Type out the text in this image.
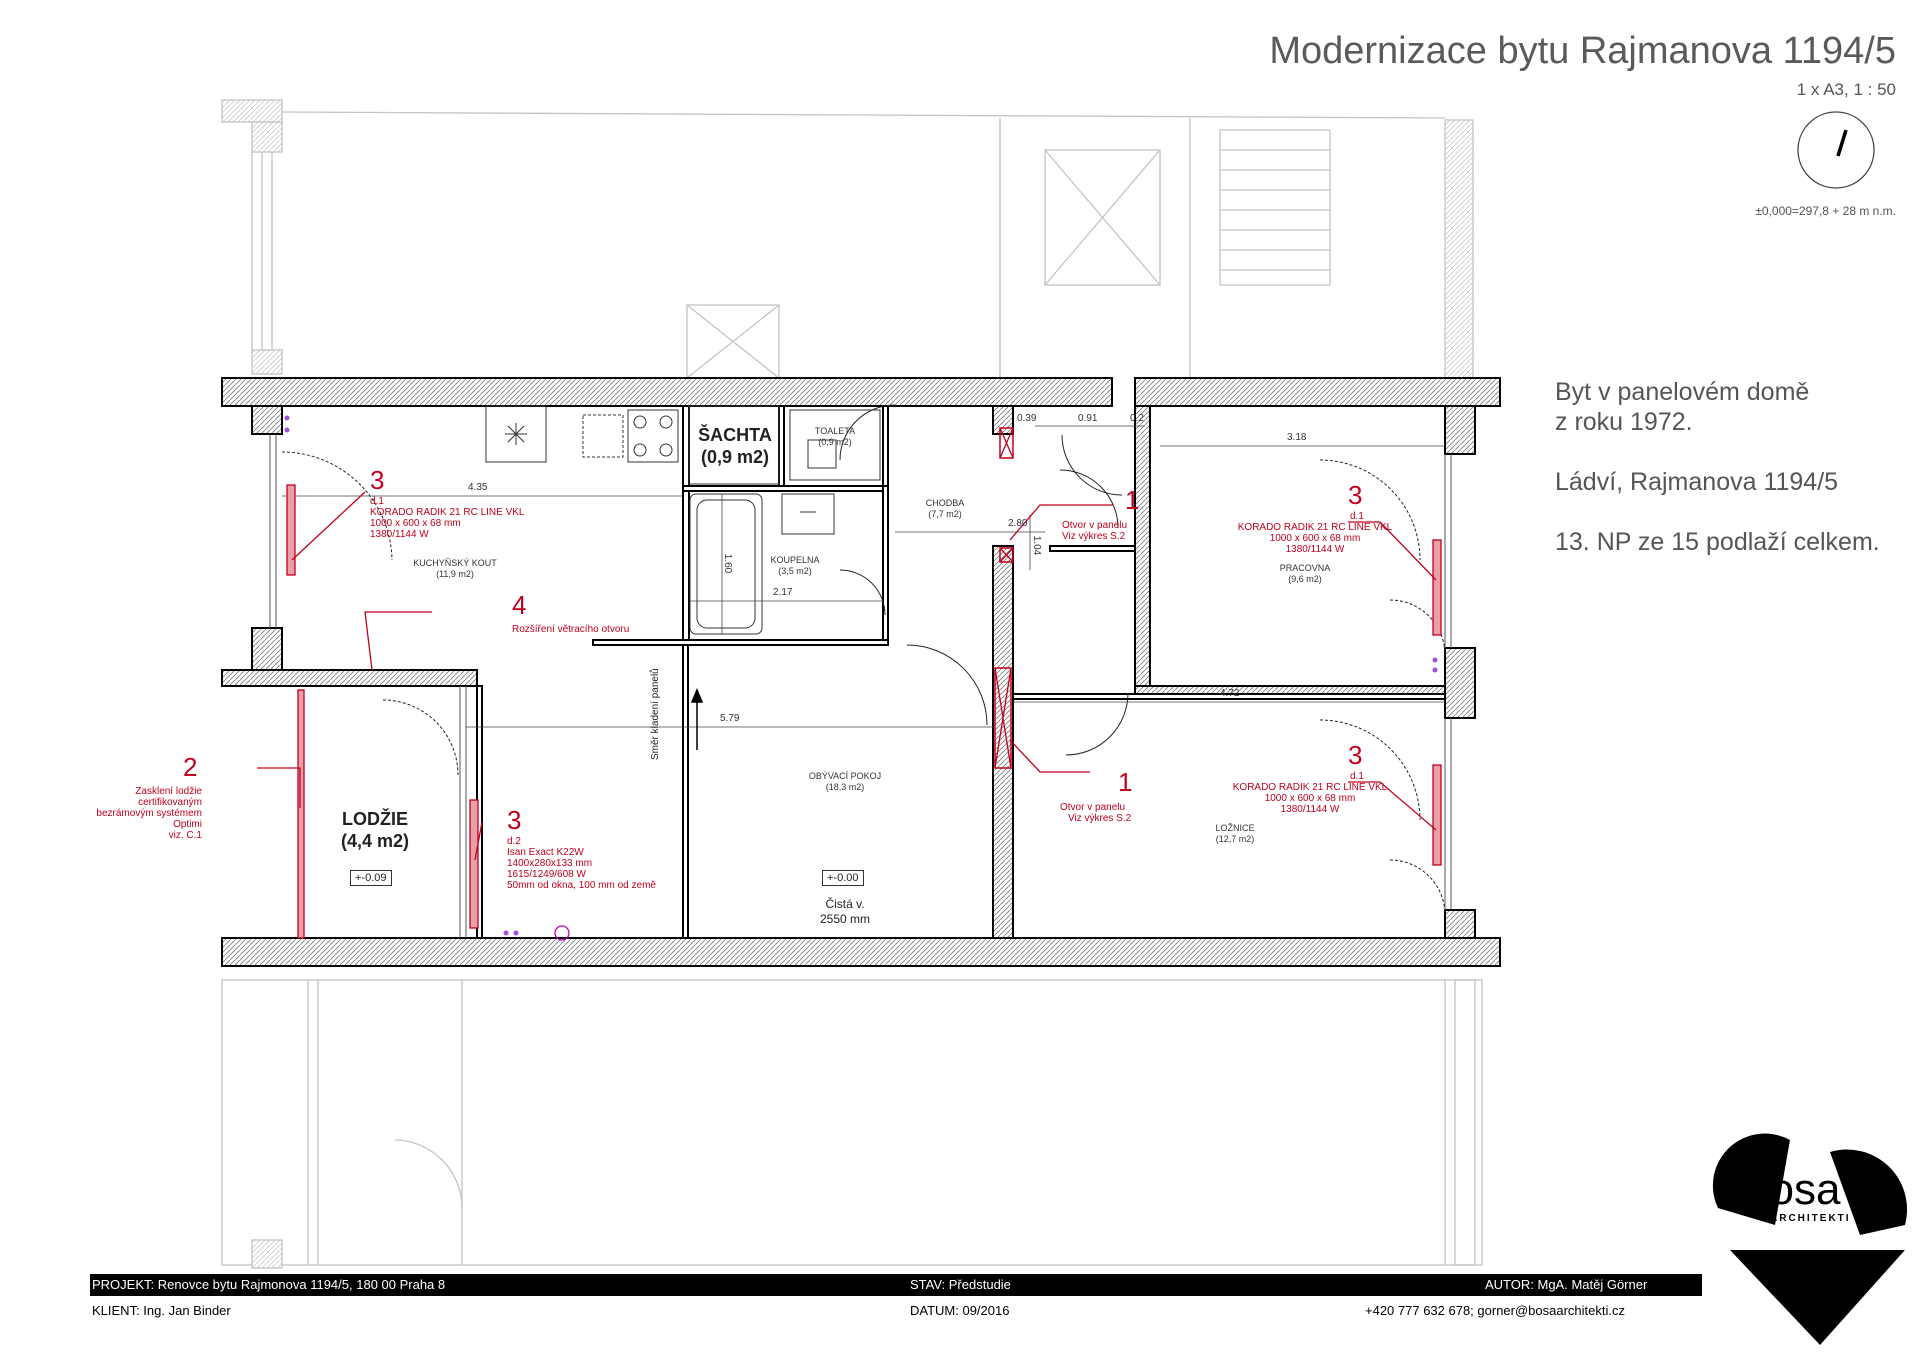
Modernizace bytu Rajmanova 1194/5
1 x A3, 1 : 50
±0,000=297,8 + 28 m n.m.
Byt v panelovém domě
z roku 1972.
Ládví, Rajmanova 1194/5
13. NP ze 15 podlaží celkem.
KUCHYŇSKÝ KOUT
(11,9 m2)
ŠACHTA
(0,9 m2)
TOALETA
(0,9 m2)
KOUPELNA
(3,5 m2)
CHODBA
(7,7 m2)
PRACOVNA
(9,6 m2)
OBÝVACÍ POKOJ
(18,3 m2)
LOŽNICE
(12,7 m2)
LODŽIE
(4,4 m2)
+-0.09	+-0.00
Čistá v.
2550 mm
4.35
0.39	0.91	0.2
3.18
2.80
1.04
1.60
2.17
5.79
4.72
Směr kladení panelů
3
d.1
KORADO RADIK 21 RC LINE VKL
1000 x 600 x 68 mm
1380/1144 W
3
d.1
KORADO RADIK 21 RC LINE VKL
1000 x 600 x 68 mm
1380/1144 W
3
d.1
KORADO RADIK 21 RC LINE VKL
1000 x 600 x 68 mm
1380/1144 W
3
d.2
Isan Exact K22W
1400x280x133 mm
1615/1249/608 W
50mm od okna, 100 mm od země
1
Otvor v panelu
Viz výkres S.2
1
Otvor v panelu
Viz výkres S.2
4
Rozšíření větracího otvoru
2
Zasklení lodžie
certifikovaným
bezrámovým systémem
Optimi
viz. C.1
PROJEKT: Renovce bytu Rajmonova 1194/5, 180 00 Praha 8	STAV: Předstudie	AUTOR: MgA. Matěj Görner
KLIENT: Ing. Jan Binder	DATUM: 09/2016	+420 777 632 678; gorner@bosaarchitekti.cz
bosa
ARCHITEKTI
